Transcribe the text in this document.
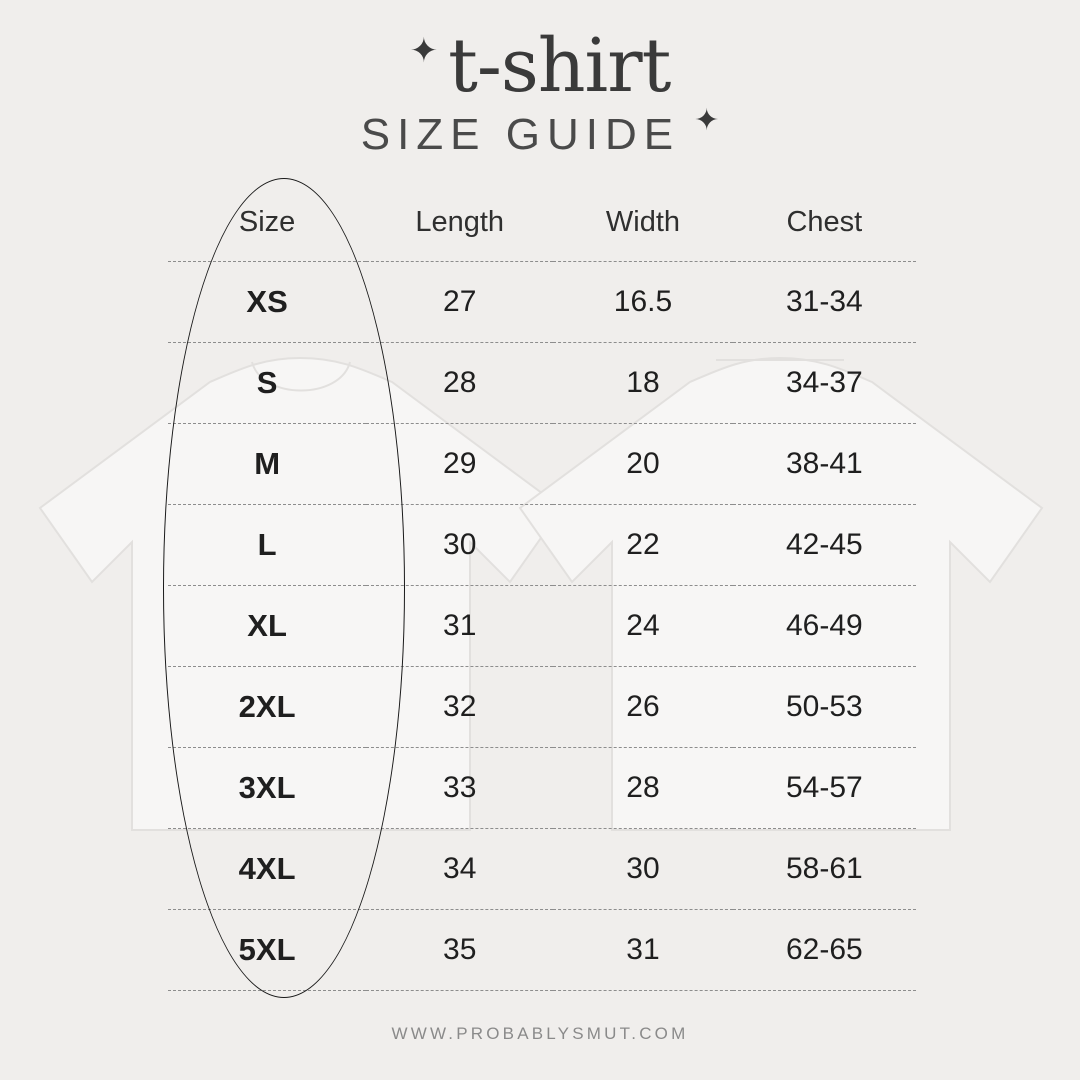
✦ t-shirt
SIZE GUIDE ✦
Size	Length	Width	Chest
XS	27	16.5	31-34
S	28	18	34-37
M	29	20	38-41
L	30	22	42-45
XL	31	24	46-49
2XL	32	26	50-53
3XL	33	28	54-57
4XL	34	30	58-61
5XL	35	31	62-65
WWW.PROBABLYSMUT.COM
